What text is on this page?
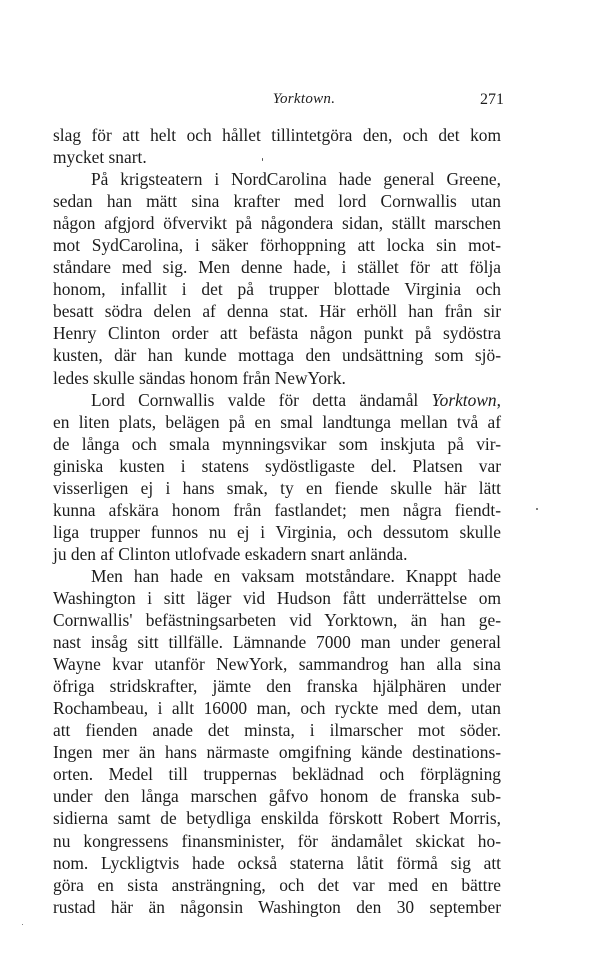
Yorktown.	271
slag för att helt och hållet tillintetgöra den, och det kom
mycket snart.
På krigsteatern i NordCarolina hade general Greene,
sedan han mätt sina krafter med lord Cornwallis utan
någon afgjord öfvervikt på någondera sidan, ställt marschen
mot SydCarolina, i säker förhoppning att locka sin mot-
ståndare med sig. Men denne hade, i stället för att följa
honom, infallit i det på trupper blottade Virginia och
besatt södra delen af denna stat. Här erhöll han från sir
Henry Clinton order att befästa någon punkt på sydöstra
kusten, där han kunde mottaga den undsättning som sjö-
ledes skulle sändas honom från NewYork.
Lord Cornwallis valde för detta ändamål Yorktown,
en liten plats, belägen på en smal landtunga mellan två af
de långa och smala mynningsvikar som inskjuta på vir-
giniska kusten i statens sydöstligaste del. Platsen var
visserligen ej i hans smak, ty en fiende skulle här lätt
kunna afskära honom från fastlandet; men några fiendt-
liga trupper funnos nu ej i Virginia, och dessutom skulle
ju den af Clinton utlofvade eskadern snart anlända.
Men han hade en vaksam motståndare. Knappt hade
Washington i sitt läger vid Hudson fått underrättelse om
Cornwallis' befästningsarbeten vid Yorktown, än han ge-
nast insåg sitt tillfälle. Lämnande 7000 man under general
Wayne kvar utanför NewYork, sammandrog han alla sina
öfriga stridskrafter, jämte den franska hjälphären under
Rochambeau, i allt 16000 man, och ryckte med dem, utan
att fienden anade det minsta, i ilmarscher mot söder.
Ingen mer än hans närmaste omgifning kände destinations-
orten. Medel till truppernas beklädnad och förplägning
under den långa marschen gåfvo honom de franska sub-
sidierna samt de betydliga enskilda förskott Robert Morris,
nu kongressens finansminister, för ändamålet skickat ho-
nom. Lyckligtvis hade också staterna låtit förmå sig att
göra en sista ansträngning, och det var med en bättre
rustad här än någonsin Washington den 30 september
